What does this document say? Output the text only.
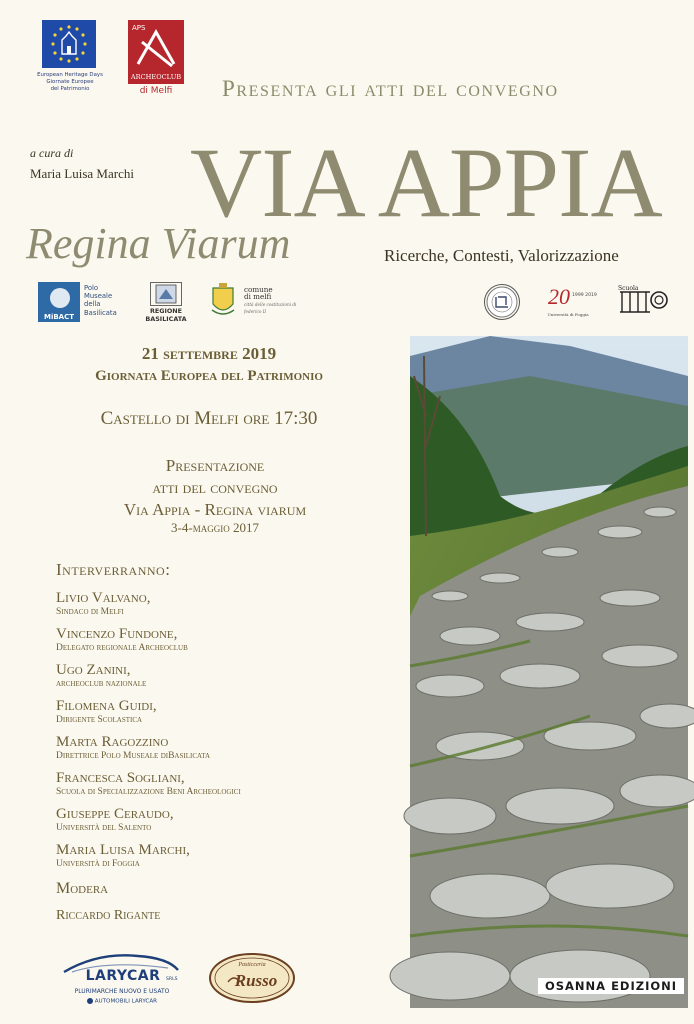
European Heritage Days
Giornate Europee
del Patrimonio
APS
ARCHEOCLUB
di Melfi Presenta gli atti del convegno
a cura di
Maria Luisa Marchi VIA APPIA
Regina Viarum	Ricerche, Contesti, Valorizzazione
MiBACT
Polo
Museale
della
Basilicata	REGIONE
BASILICATA
comune
di melfi
città delle costituzioni di federico II
20 1999 2019
Università di Foggia
Scuola
21 settembre 2019
Giornata Europea del Patrimonio
Castello di Melfi ore 17:30
Presentazione
atti del convegno
Via Appia - Regina viarum
3-4-maggio 2017
Interverranno:
Livio Valvano,
Sindaco di Melfi
Vincenzo Fundone,
Delegato regionale Archeoclub
Ugo Zanini,
archeoclub nazionale
Filomena Guidi,
Dirigente Scolastica
Marta Ragozzino
Direttrice Polo Museale diBasilicata
Francesca Sogliani,
Scuola di Specializzazione Beni Archeologici
Giuseppe Ceraudo,
Università del Salento
Maria Luisa Marchi,
Università di Foggia
Modera
Riccardo Rigante
OSANNA EDIZIONI
SRLS
LARYCAR
PLURIMARCHE NUOVO E USATO
AUTOMOBILI LARYCAR
Pasticceria
Russo
